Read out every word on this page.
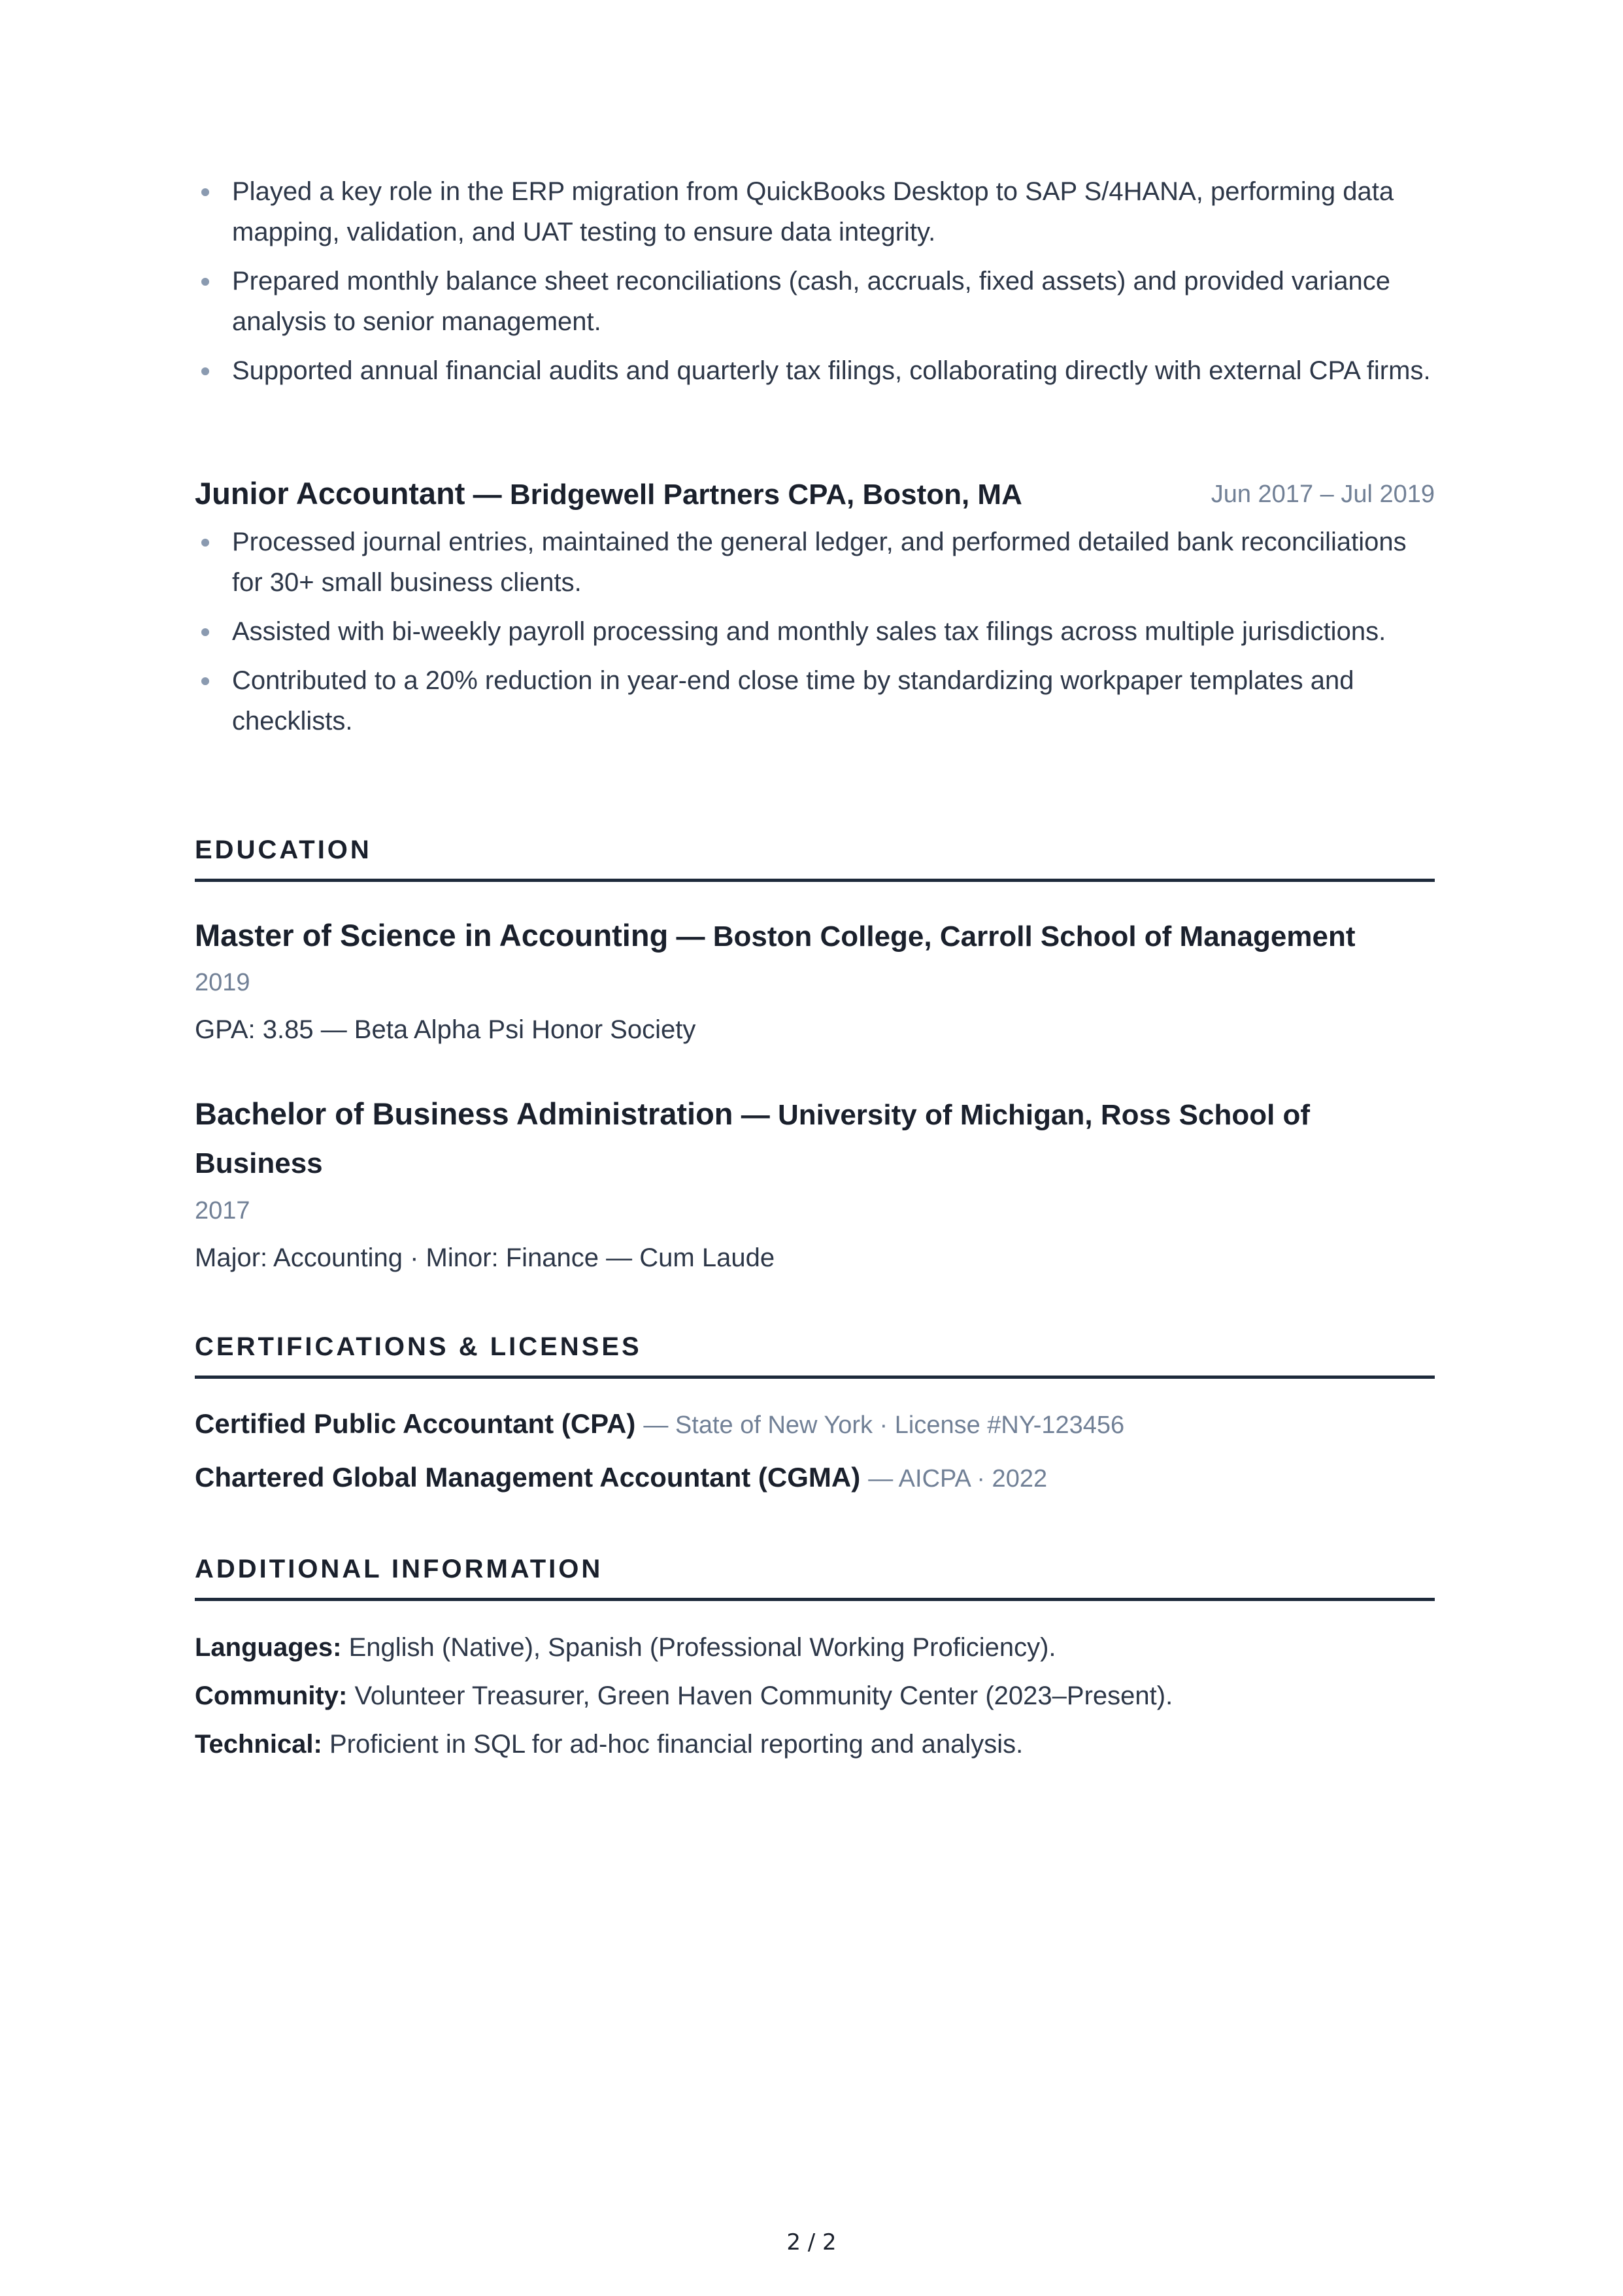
Played a key role in the ERP migration from QuickBooks Desktop to SAP S/4HANA, performing data mapping, validation, and UAT testing to ensure data integrity.
Prepared monthly balance sheet reconciliations (cash, accruals, fixed assets) and provided variance analysis to senior management.
Supported annual financial audits and quarterly tax filings, collaborating directly with external CPA firms.
Junior Accountant — Bridgewell Partners CPA, Boston, MA	Jun 2017 – Jul 2019
Processed journal entries, maintained the general ledger, and performed detailed bank reconciliations for 30+ small business clients.
Assisted with bi-weekly payroll processing and monthly sales tax filings across multiple jurisdictions.
Contributed to a 20% reduction in year-end close time by standardizing workpaper templates and checklists.
EDUCATION
Master of Science in Accounting — Boston College, Carroll School of Management
2019
GPA: 3.85 — Beta Alpha Psi Honor Society
Bachelor of Business Administration — University of Michigan, Ross School of Business
2017
Major: Accounting · Minor: Finance — Cum Laude
CERTIFICATIONS & LICENSES
Certified Public Accountant (CPA) — State of New York · License #NY-123456
Chartered Global Management Accountant (CGMA) — AICPA · 2022
ADDITIONAL INFORMATION
Languages: English (Native), Spanish (Professional Working Proficiency).
Community: Volunteer Treasurer, Green Haven Community Center (2023–Present).
Technical: Proficient in SQL for ad-hoc financial reporting and analysis.
2 / 2
